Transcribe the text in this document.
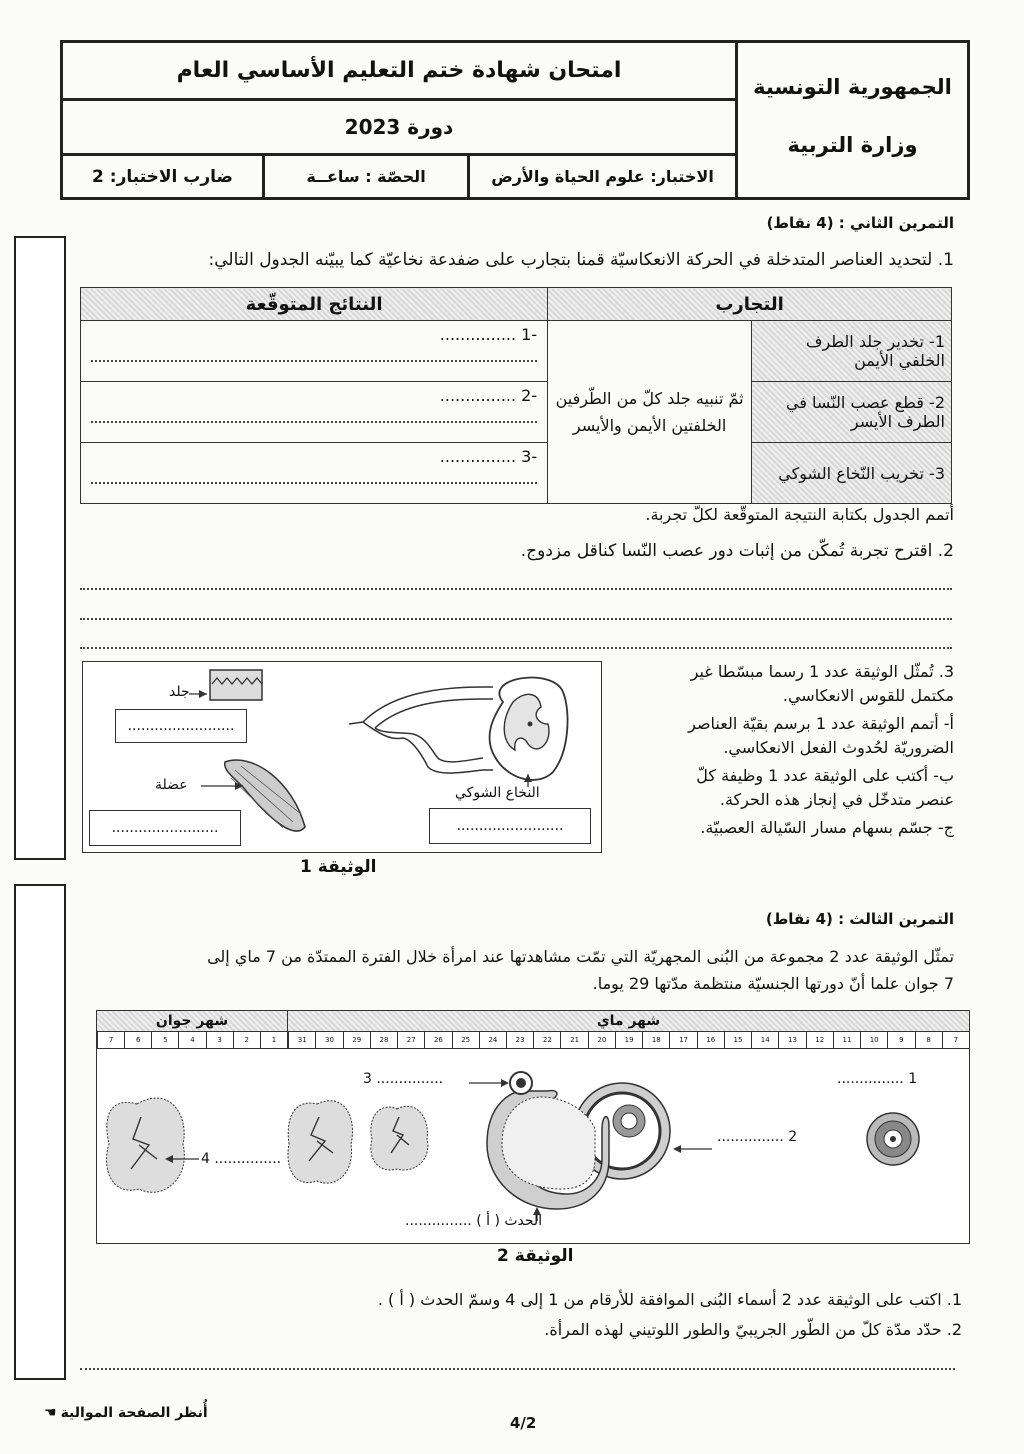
امتحان شهادة ختم التعليم الأساسي العام
دورة 2023
الاختبار: علوم الحياة والأرض
الحصّة : ساعــة
ضارب الاختبار: 2
الجمهورية التونسية
وزارة التربية
التمرين الثاني : (4 نقاط)
1. لتحديد العناصر المتدخلة في الحركة الانعكاسيّة قمنا بتجارب على ضفدعة نخاعيّة كما يبيّنه الجدول التالي:
التجارب		النتائج المتوقّعة
1- تخدير جلد الطرف الخلفي الأيمن	ثمّ تنبيه جلد كلّ من الطّرفين الخلفتين الأيمن والأيسر	-1 ...............

2- قطع عصب النّسا في الطرف الأيسر		-2 ...............

3- تخريب النّخاع الشوكي		-3 ...............
أتمم الجدول بكتابة النتيجة المتوقّعة لكلّ تجربة.
2. اقترح تجربة تُمكّن من إثبات دور عصب النّسا كناقل مزدوج.
جلد
........................
عضلة
........................
النخاع الشوكي
........................
الوثيقة 1
3. تُمثّل الوثيقة عدد 1 رسما مبسّطا غير
مكتمل للقوس الانعكاسي.
أ- أتمم الوثيقة عدد 1 برسم بقيّة العناصر
الضروريّة لحُدوث الفعل الانعكاسي.
ب- أكتب على الوثيقة عدد 1 وظيفة كلّ
عنصر متدخّل في إنجاز هذه الحركة.
ج- جسّم بسهام مسار السّيالة العصبيّة.
التمرين الثالث : (4 نقاط)
تمثّل الوثيقة عدد 2 مجموعة من البُنى المجهريّة التي تمّت مشاهدتها عند امرأة خلال الفترة الممتدّة من 7 ماي إلى
7 جوان علما أنّ دورتها الجنسيّة منتظمة مدّتها 29 يوما.
شهر جوان	شهر ماي
1
2
3
4
5
6
7	7
8
9
10
11
12
13
14
15
16
17
18
19
20
21
22
23
24
25
26
27
28
29
30
31
............... 1
............... 2
3 ...............
4 ...............
الحدث ( أ ) ...............
الوثيقة 2
1. اكتب على الوثيقة عدد 2 أسماء البُنى الموافقة للأرقام من 1 إلى 4 وسمّ الحدث ( أ ) .
2. حدّد مدّة كلّ من الطّور الجريبيّ والطور اللوتيني لهذه المرأة.
☚ أُنظر الصفحة الموالية
4/2
